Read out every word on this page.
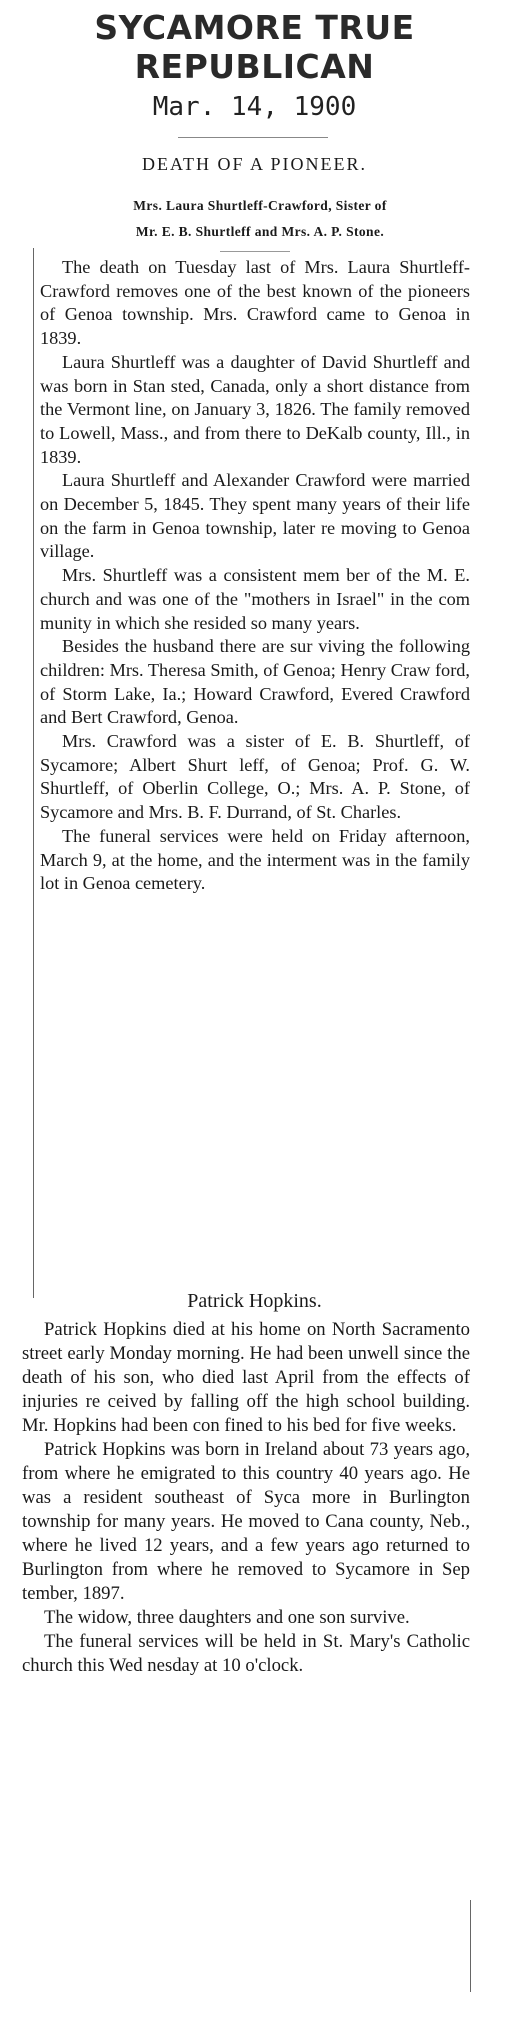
SYCAMORE TRUE REPUBLICAN
Mar. 14, 1900
DEATH OF A PIONEER.
Mrs. Laura Shurtleff-Crawford, Sister of
Mr. E. B. Shurtleff and Mrs. A. P. Stone.

The death on Tuesday last of Mrs. Laura Shurtleff-Crawford removes one of the best known of the pioneers of Genoa township. Mrs. Crawford came to Genoa in 1839.

Laura Shurtleff was a daughter of David Shurtleff and was born in Stan sted, Canada, only a short distance from the Vermont line, on January 3, 1826. The family removed to Lowell, Mass., and from there to DeKalb county, Ill., in 1839.

Laura Shurtleff and Alexander Crawford were married on December 5, 1845. They spent many years of their life on the farm in Genoa township, later re moving to Genoa village.

Mrs. Shurtleff was a consistent mem ber of the M. E. church and was one of the "mothers in Israel" in the com munity in which she resided so many years.

Besides the husband there are sur viving the following children: Mrs. Theresa Smith, of Genoa; Henry Craw ford, of Storm Lake, Ia.; Howard Crawford, Evered Crawford and Bert Crawford, Genoa.

Mrs. Crawford was a sister of E. B. Shurtleff, of Sycamore; Albert Shurt leff, of Genoa; Prof. G. W. Shurtleff, of Oberlin College, O.; Mrs. A. P. Stone, of Sycamore and Mrs. B. F. Durrand, of St. Charles.

The funeral services were held on Friday afternoon, March 9, at the home, and the interment was in the family lot in Genoa cemetery.

Patrick Hopkins.

Patrick Hopkins died at his home on North Sacramento street early Monday morning. He had been unwell since the death of his son, who died last April from the effects of injuries re ceived by falling off the high school building. Mr. Hopkins had been con fined to his bed for five weeks.

Patrick Hopkins was born in Ireland about 73 years ago, from where he emigrated to this country 40 years ago. He was a resident southeast of Syca more in Burlington township for many years. He moved to Cana county, Neb., where he lived 12 years, and a few years ago returned to Burlington from where he removed to Sycamore in Sep tember, 1897.

The widow, three daughters and one son survive.

The funeral services will be held in St. Mary's Catholic church this Wed nesday at 10 o'clock.
